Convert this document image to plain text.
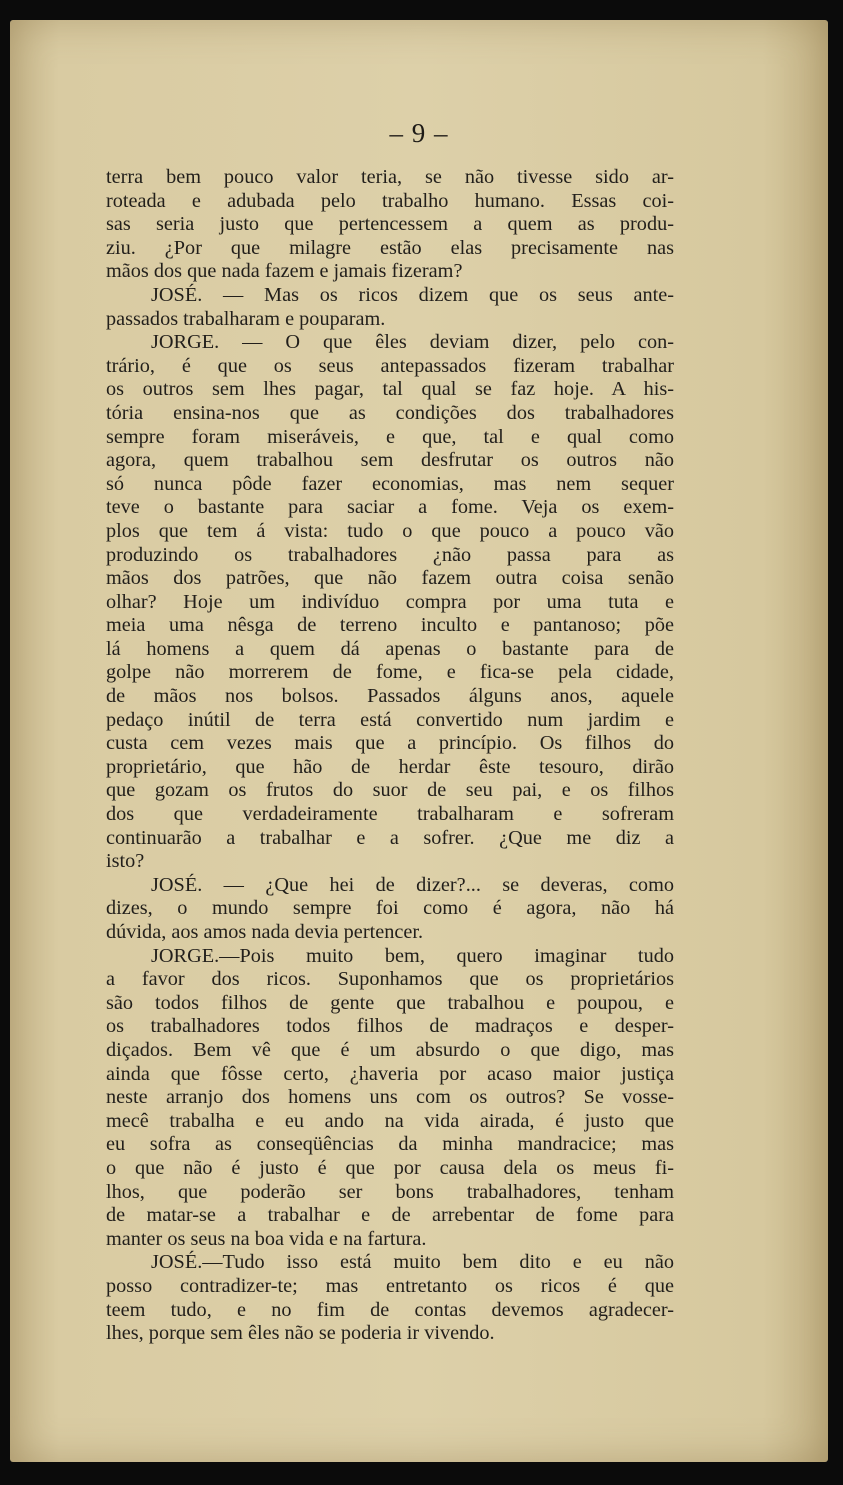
– 9 –
terra bem pouco valor teria, se não tivesse sido ar-
roteada e adubada pelo trabalho humano. Essas coi-
sas seria justo que pertencessem a quem as produ-
ziu. ¿Por que milagre estão elas precisamente nas
mãos dos que nada fazem e jamais fizeram?
JOSÉ. — Mas os ricos dizem que os seus ante-
passados trabalharam e pouparam.
JORGE. — O que êles deviam dizer, pelo con-
trário, é que os seus antepassados fizeram trabalhar
os outros sem lhes pagar, tal qual se faz hoje. A his-
tória ensina-nos que as condições dos trabalhadores
sempre foram miseráveis, e que, tal e qual como
agora, quem trabalhou sem desfrutar os outros não
só nunca pôde fazer economias, mas nem sequer
teve o bastante para saciar a fome. Veja os exem-
plos que tem á vista: tudo o que pouco a pouco vão
produzindo os trabalhadores ¿não passa para as
mãos dos patrões, que não fazem outra coisa senão
olhar? Hoje um indivíduo compra por uma tuta e
meia uma nêsga de terreno inculto e pantanoso; põe
lá homens a quem dá apenas o bastante para de
golpe não morrerem de fome, e fica-se pela cidade,
de mãos nos bolsos. Passados álguns anos, aquele
pedaço inútil de terra está convertido num jardim e
custa cem vezes mais que a princípio. Os filhos do
proprietário, que hão de herdar êste tesouro, dirão
que gozam os frutos do suor de seu pai, e os filhos
dos que verdadeiramente trabalharam e sofreram
continuarão a trabalhar e a sofrer. ¿Que me diz a
isto?
JOSÉ. — ¿Que hei de dizer?... se deveras, como
dizes, o mundo sempre foi como é agora, não há
dúvida, aos amos nada devia pertencer.
JORGE.—Pois muito bem, quero imaginar tudo
a favor dos ricos. Suponhamos que os proprietários
são todos filhos de gente que trabalhou e poupou, e
os trabalhadores todos filhos de madraços e desper-
diçados. Bem vê que é um absurdo o que digo, mas
ainda que fôsse certo, ¿haveria por acaso maior justiça
neste arranjo dos homens uns com os outros? Se vosse-
mecê trabalha e eu ando na vida airada, é justo que
eu sofra as conseqüências da minha mandracice; mas
o que não é justo é que por causa dela os meus fi-
lhos, que poderão ser bons trabalhadores, tenham
de matar-se a trabalhar e de arrebentar de fome para
manter os seus na boa vida e na fartura.
JOSÉ.—Tudo isso está muito bem dito e eu não
posso contradizer-te; mas entretanto os ricos é que
teem tudo, e no fim de contas devemos agradecer-
lhes, porque sem êles não se poderia ir vivendo.
